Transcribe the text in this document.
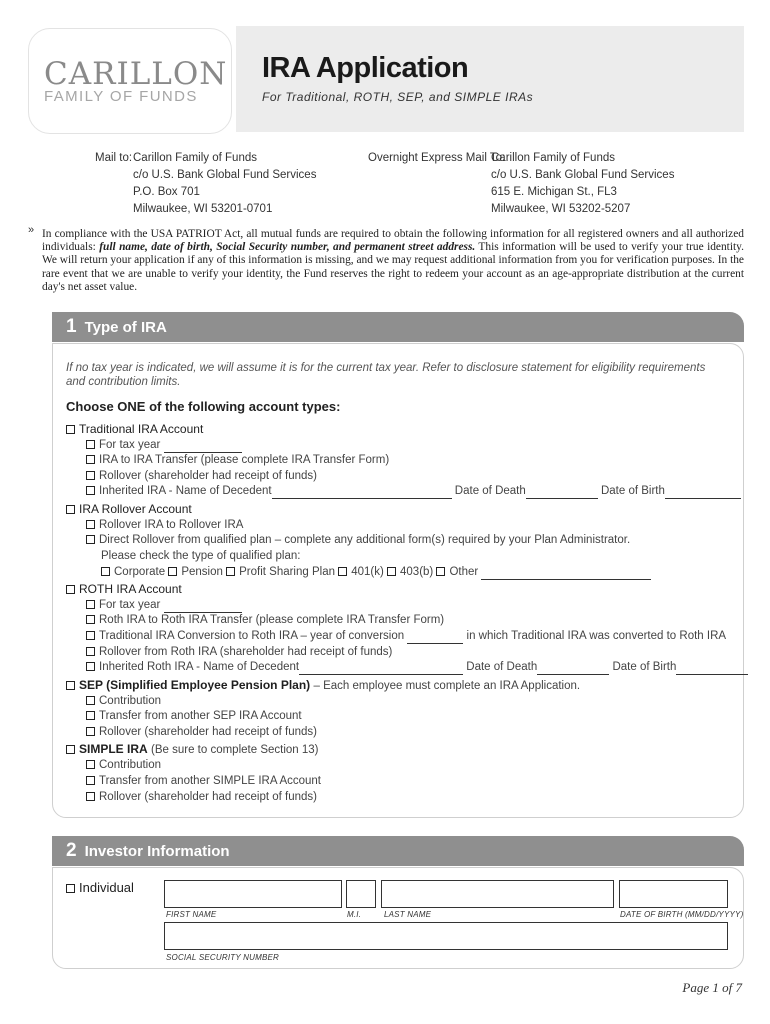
CARILLON
FAMILY OF FUNDS
IRA Application
For Traditional, ROTH, SEP, and SIMPLE IRAs
Mail to: Carillon Family of Funds
c/o U.S. Bank Global Fund Services
P.O. Box 701
Milwaukee, WI 53201-0701
Overnight Express Mail To:
Carillon Family of Funds
c/o U.S. Bank Global Fund Services
615 E. Michigan St., FL3
Milwaukee, WI 53202-5207
» In compliance with the USA PATRIOT Act, all mutual funds are required to obtain the following information for all registered owners and all authorized individuals: full name, date of birth, Social Security number, and permanent street address. This information will be used to verify your true identity. We will return your application if any of this information is missing, and we may request additional information from you for verification purposes. In the rare event that we are unable to verify your identity, the Fund reserves the right to redeem your account as an age-appropriate distribution at the current day's net asset value.
1 Type of IRA
If no tax year is indicated, we will assume it is for the current tax year. Refer to disclosure statement for eligibility requirements and contribution limits.
Choose ONE of the following account types:
Traditional IRA Account
For tax year
IRA to IRA Transfer (please complete IRA Transfer Form)
Rollover (shareholder had receipt of funds)
Inherited IRA - Name of Decedent	Date of Death	Date of Birth
IRA Rollover Account
Rollover IRA to Rollover IRA
Direct Rollover from qualified plan – complete any additional form(s) required by your Plan Administrator.
Please check the type of qualified plan:
Corporate Pension Profit Sharing Plan 401(k) 403(b) Other
ROTH IRA Account
For tax year
Roth IRA to Roth IRA Transfer (please complete IRA Transfer Form)
Traditional IRA Conversion to Roth IRA – year of conversion	in which Traditional IRA was converted to Roth IRA
Rollover from Roth IRA (shareholder had receipt of funds)
Inherited Roth IRA - Name of Decedent	Date of Death	Date of Birth
SEP (Simplified Employee Pension Plan) – Each employee must complete an IRA Application.
Contribution
Transfer from another SEP IRA Account
Rollover (shareholder had receipt of funds)
SIMPLE IRA (Be sure to complete Section 13)
Contribution
Transfer from another SIMPLE IRA Account
Rollover (shareholder had receipt of funds)
2 Investor Information
Individual
FIRST NAME	M.I.	LAST NAME	DATE OF BIRTH (MM/DD/YYYY)
SOCIAL SECURITY NUMBER
Page 1 of 7
